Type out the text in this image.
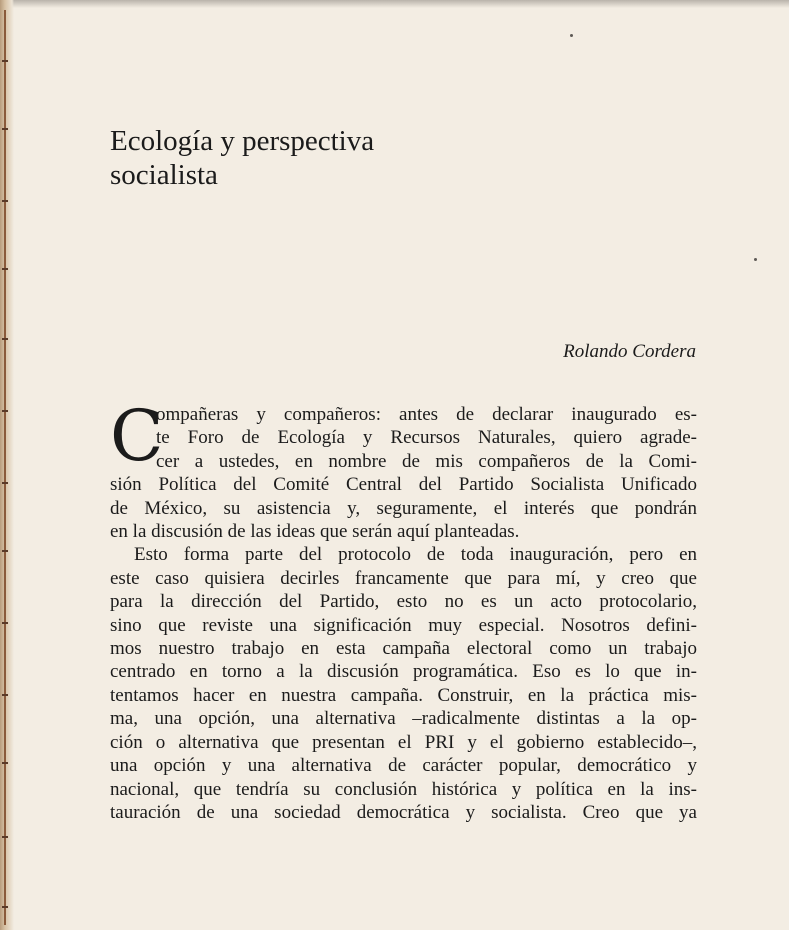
Ecología y perspectiva
socialista
Rolando Cordera
C
ompañeras y compañeros: antes de declarar inaugurado es-
te Foro de Ecología y Recursos Naturales, quiero agrade-
cer a ustedes, en nombre de mis compañeros de la Comi-
sión Política del Comité Central del Partido Socialista Unificado
de México, su asistencia y, seguramente, el interés que pondrán
en la discusión de las ideas que serán aquí planteadas.
Esto forma parte del protocolo de toda inauguración, pero en
este caso quisiera decirles francamente que para mí, y creo que
para la dirección del Partido, esto no es un acto protocolario,
sino que reviste una significación muy especial. Nosotros defini-
mos nuestro trabajo en esta campaña electoral como un trabajo
centrado en torno a la discusión programática. Eso es lo que in-
tentamos hacer en nuestra campaña. Construir, en la práctica mis-
ma, una opción, una alternativa –radicalmente distintas a la op-
ción o alternativa que presentan el PRI y el gobierno establecido–,
una opción y una alternativa de carácter popular, democrático y
nacional, que tendría su conclusión histórica y política en la ins-
tauración de una sociedad democrática y socialista. Creo que ya
